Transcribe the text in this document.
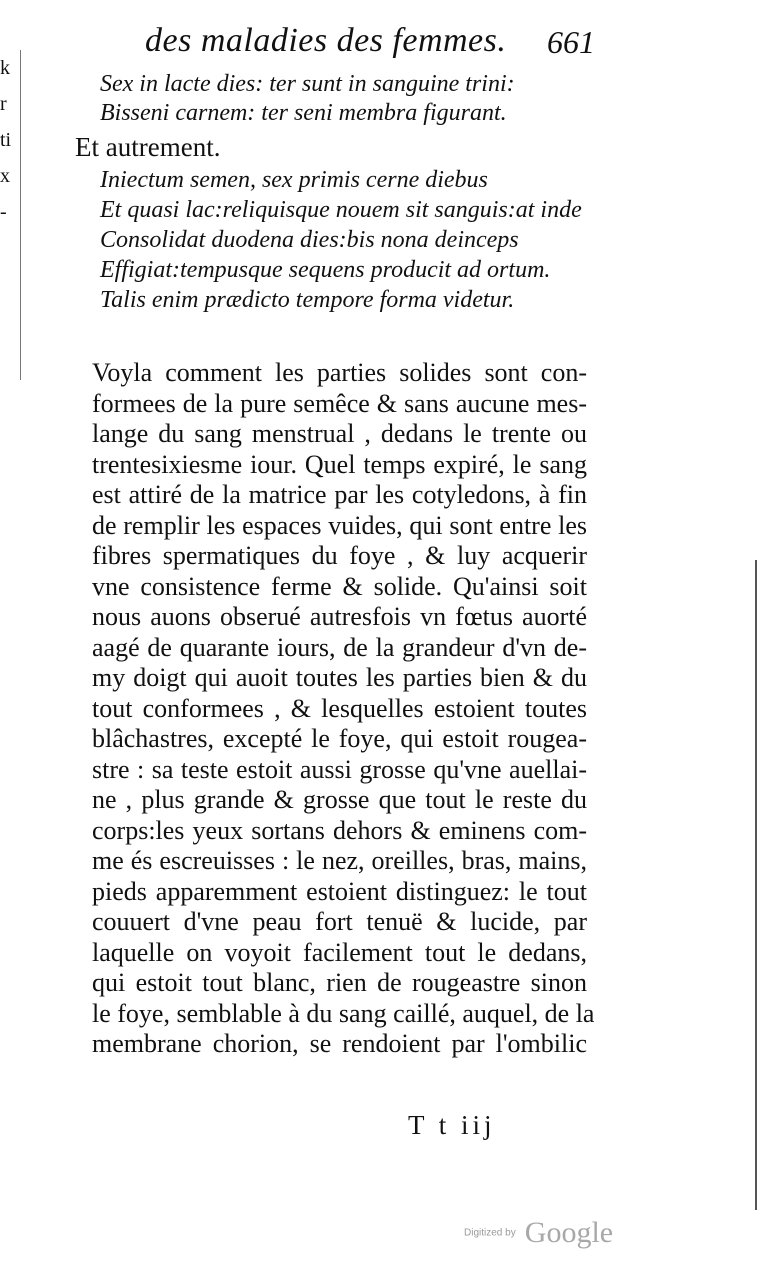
k
r
ti
x
-
des maladies des femmes. 661
Sex in lacte dies: ter sunt in sanguine trini:
Bisseni carnem: ter seni membra figurant.
Et autrement.
Iniectum semen, sex primis cerne diebus
Et quasi lac:reliquisque nouem sit sanguis:at inde
Consolidat duodena dies:bis nona deinceps
Effigiat:tempusque sequens producit ad ortum.
Talis enim prædicto tempore forma videtur.
Voyla comment les parties solides sont con-
formees de la pure semêce & sans aucune mes-
lange du sang menstrual , dedans le trente ou
trentesixiesme iour. Quel temps expiré, le sang
est attiré de la matrice par les cotyledons, à fin
de remplir les espaces vuides, qui sont entre les
fibres spermatiques du foye , & luy acquerir
vne consistence ferme & solide. Qu'ainsi soit
nous auons obserué autresfois vn fœtus auorté
aagé de quarante iours, de la grandeur d'vn de-
my doigt qui auoit toutes les parties bien & du
tout conformees , & lesquelles estoient toutes
blâchastres, excepté le foye, qui estoit rougea-
stre : sa teste estoit aussi grosse qu'vne auellai-
ne , plus grande & grosse que tout le reste du
corps:les yeux sortans dehors & eminens com-
me és escreuisses : le nez, oreilles, bras, mains,
pieds apparemment estoient distinguez: le tout
couuert d'vne peau fort tenuë & lucide, par
laquelle on voyoit facilement tout le dedans,
qui estoit tout blanc, rien de rougeastre sinon
le foye, semblable à du sang caillé, auquel, de la
membrane chorion, se rendoient par l'ombilic
T t iij
Digitized by Google
